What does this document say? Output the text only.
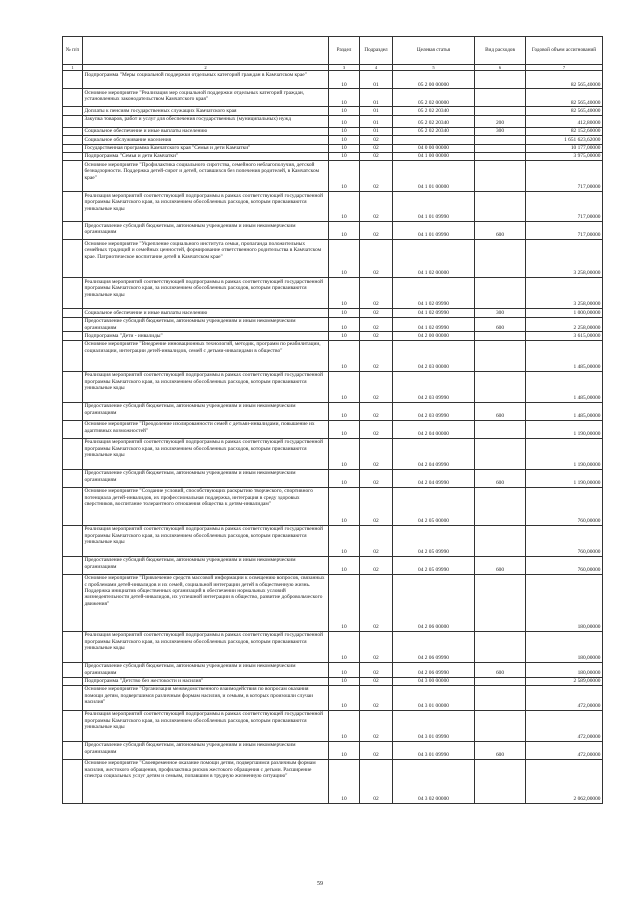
№ п/п		Раздел	Подраздел	Целевая статья	Вид расходов	Годовой объем ассигнований
1	2	3	4	5	6	7
	Подпрограмма "Меры социальной поддержки отдельных категорий граждан в Камчатском крае"	10	01	05 2 00 00000		82 565,40000
	Основное мероприятие "Реализация мер социальной поддержки отдельных категорий граждан, установленных законодательством Камчатского края"	10	01	05 2 02 00000		82 565,40000
	Доплаты к пенсиям государственных служащих Камчатского края	10	01	05 2 02 20340		82 565,40000
	Закупка товаров, работ и услуг для обеспечения государственных (муниципальных) нужд	10	01	05 2 02 20340	200	412,80000
	Социальное обеспечение и иные выплаты населению	10	01	05 2 02 20340	300	82 152,60000
	Социальное обслуживание населения	10	02			1 651 623,62000
	Государственная программа Камчатского края "Семья и дети Камчатки"	10	02	04 0 00 00000		10 177,00000
	Подпрограмма "Семья и дети Камчатки"	10	02	04 1 00 00000		3 975,00000
	Основное мероприятие "Профилактика социального сиротства, семейного неблагополучия, детской безнадзорности. Поддержка детей-сирот и детей, оставшихся без попечения родителей, в Камчатском крае"	10	02	04 1 01 00000		717,00000
	Реализация мероприятий соответствующей подпрограммы в рамках соответствующей государственной программы Камчатского края, за исключением обособленных расходов, которым присваиваются уникальные коды	10	02	04 1 01 09990		717,00000
	Предоставление субсидий бюджетным, автономным учреждениям и иным некоммерческим организациям	10	02	04 1 01 09990	600	717,00000
	Основное мероприятие "Укрепление социального института семьи, пропаганда положительных семейных традиций и семейных ценностей, формирование ответственного родительства в Камчатском крае. Патриотическое воспитание детей в Камчатском крае"	10	02	04 1 02 00000		3 258,00000
	Реализация мероприятий соответствующей подпрограммы в рамках соответствующей государственной программы Камчатского края, за исключением обособленных расходов, которым присваиваются уникальные коды	10	02	04 1 02 09990		3 258,00000
	Социальное обеспечение и иные выплаты населению	10	02	04 1 02 09990	300	1 000,00000
	Предоставление субсидий бюджетным, автономным учреждениям и иным некоммерческим организациям	10	02	04 1 02 09990	600	2 258,00000
	Подпрограмма "Дети - инвалиды"	10	02	04 2 00 00000		3 615,00000
	Основное мероприятие "Внедрение инновационных технологий, методик, программ по реабилитации, социализации, интеграции детей-инвалидов, семей с детьми-инвалидами в общество"	10	02	04 2 03 00000		1 485,00000
	Реализация мероприятий соответствующей подпрограммы в рамках соответствующей государственной программы Камчатского края, за исключением обособленных расходов, которым присваиваются уникальные коды	10	02	04 2 03 09990		1 485,00000
	Предоставление субсидий бюджетным, автономным учреждениям и иным некоммерческим организациям	10	02	04 2 03 09990	600	1 485,00000
	Основное мероприятие "Преодоление изолированности семей с детьми-инвалидами, повышение их адаптивных возможностей"	10	02	04 2 04 00000		1 190,00000
	Реализация мероприятий соответствующей подпрограммы в рамках соответствующей государственной программы Камчатского края, за исключением обособленных расходов, которым присваиваются уникальные коды	10	02	04 2 04 09990		1 190,00000
	Предоставление субсидий бюджетным, автономным учреждениям и иным некоммерческим организациям	10	02	04 2 04 09990	600	1 190,00000
	Основное мероприятие "Создание условий, способствующих раскрытию творческого, спортивного потенциала детей-инвалидов, их профессиональная поддержка, интеграция в среду здоровых сверстников, воспитание толерантного отношения общества к детям-инвалидам"	10	02	04 2 05 00000		760,00000
	Реализация мероприятий соответствующей подпрограммы в рамках соответствующей государственной программы Камчатского края, за исключением обособленных расходов, которым присваиваются уникальные коды	10	02	04 2 05 09990		760,00000
	Предоставление субсидий бюджетным, автономным учреждениям и иным некоммерческим организациям	10	02	04 2 05 09990	600	760,00000
	Основное мероприятие "Привлечение средств массовой информации к освещению вопросов, связанных с проблемами детей-инвалидов и их семей, социальной интеграции детей в общественную жизнь. Поддержка инициатив общественных организаций в обеспечении нормальных условий жизнедеятельности детей-инвалидов, их успешной интеграции в общество, развитие добровольческого движения"	10	02	04 2 06 00000		180,00000
	Реализация мероприятий соответствующей подпрограммы в рамках соответствующей государственной программы Камчатского края, за исключением обособленных расходов, которым присваиваются уникальные коды	10	02	04 2 06 09990		180,00000
	Предоставление субсидий бюджетным, автономным учреждениям и иным некоммерческим организациям	10	02	04 2 06 09990	600	180,00000
	Подпрограмма "Детство без жестокости и насилия"	10	02	04 3 00 00000		2 589,00000
	Основное мероприятие "Организация межведомственного взаимодействия по вопросам оказания помощи детям, подвергшимся различным формам насилия, и семьям, в которых произошли случаи насилия"	10	02	04 3 01 00000		472,00000
	Реализация мероприятий соответствующей подпрограммы в рамках соответствующей государственной программы Камчатского края, за исключением обособленных расходов, которым присваиваются уникальные коды	10	02	04 3 01 09990		472,00000
	Предоставление субсидий бюджетным, автономным учреждениям и иным некоммерческим организациям	10	02	04 3 01 09990	600	472,00000
	Основное мероприятие "Своевременное оказание помощи детям, подвергшимся различным формам насилия, жестокого обращения, профилактика рисков жестокого обращения с детьми. Расширение спектра социальных услуг детям и семьям, попавшим в трудную жизненную ситуацию"	10	02	04 3 02 00000		2 062,00000
59
